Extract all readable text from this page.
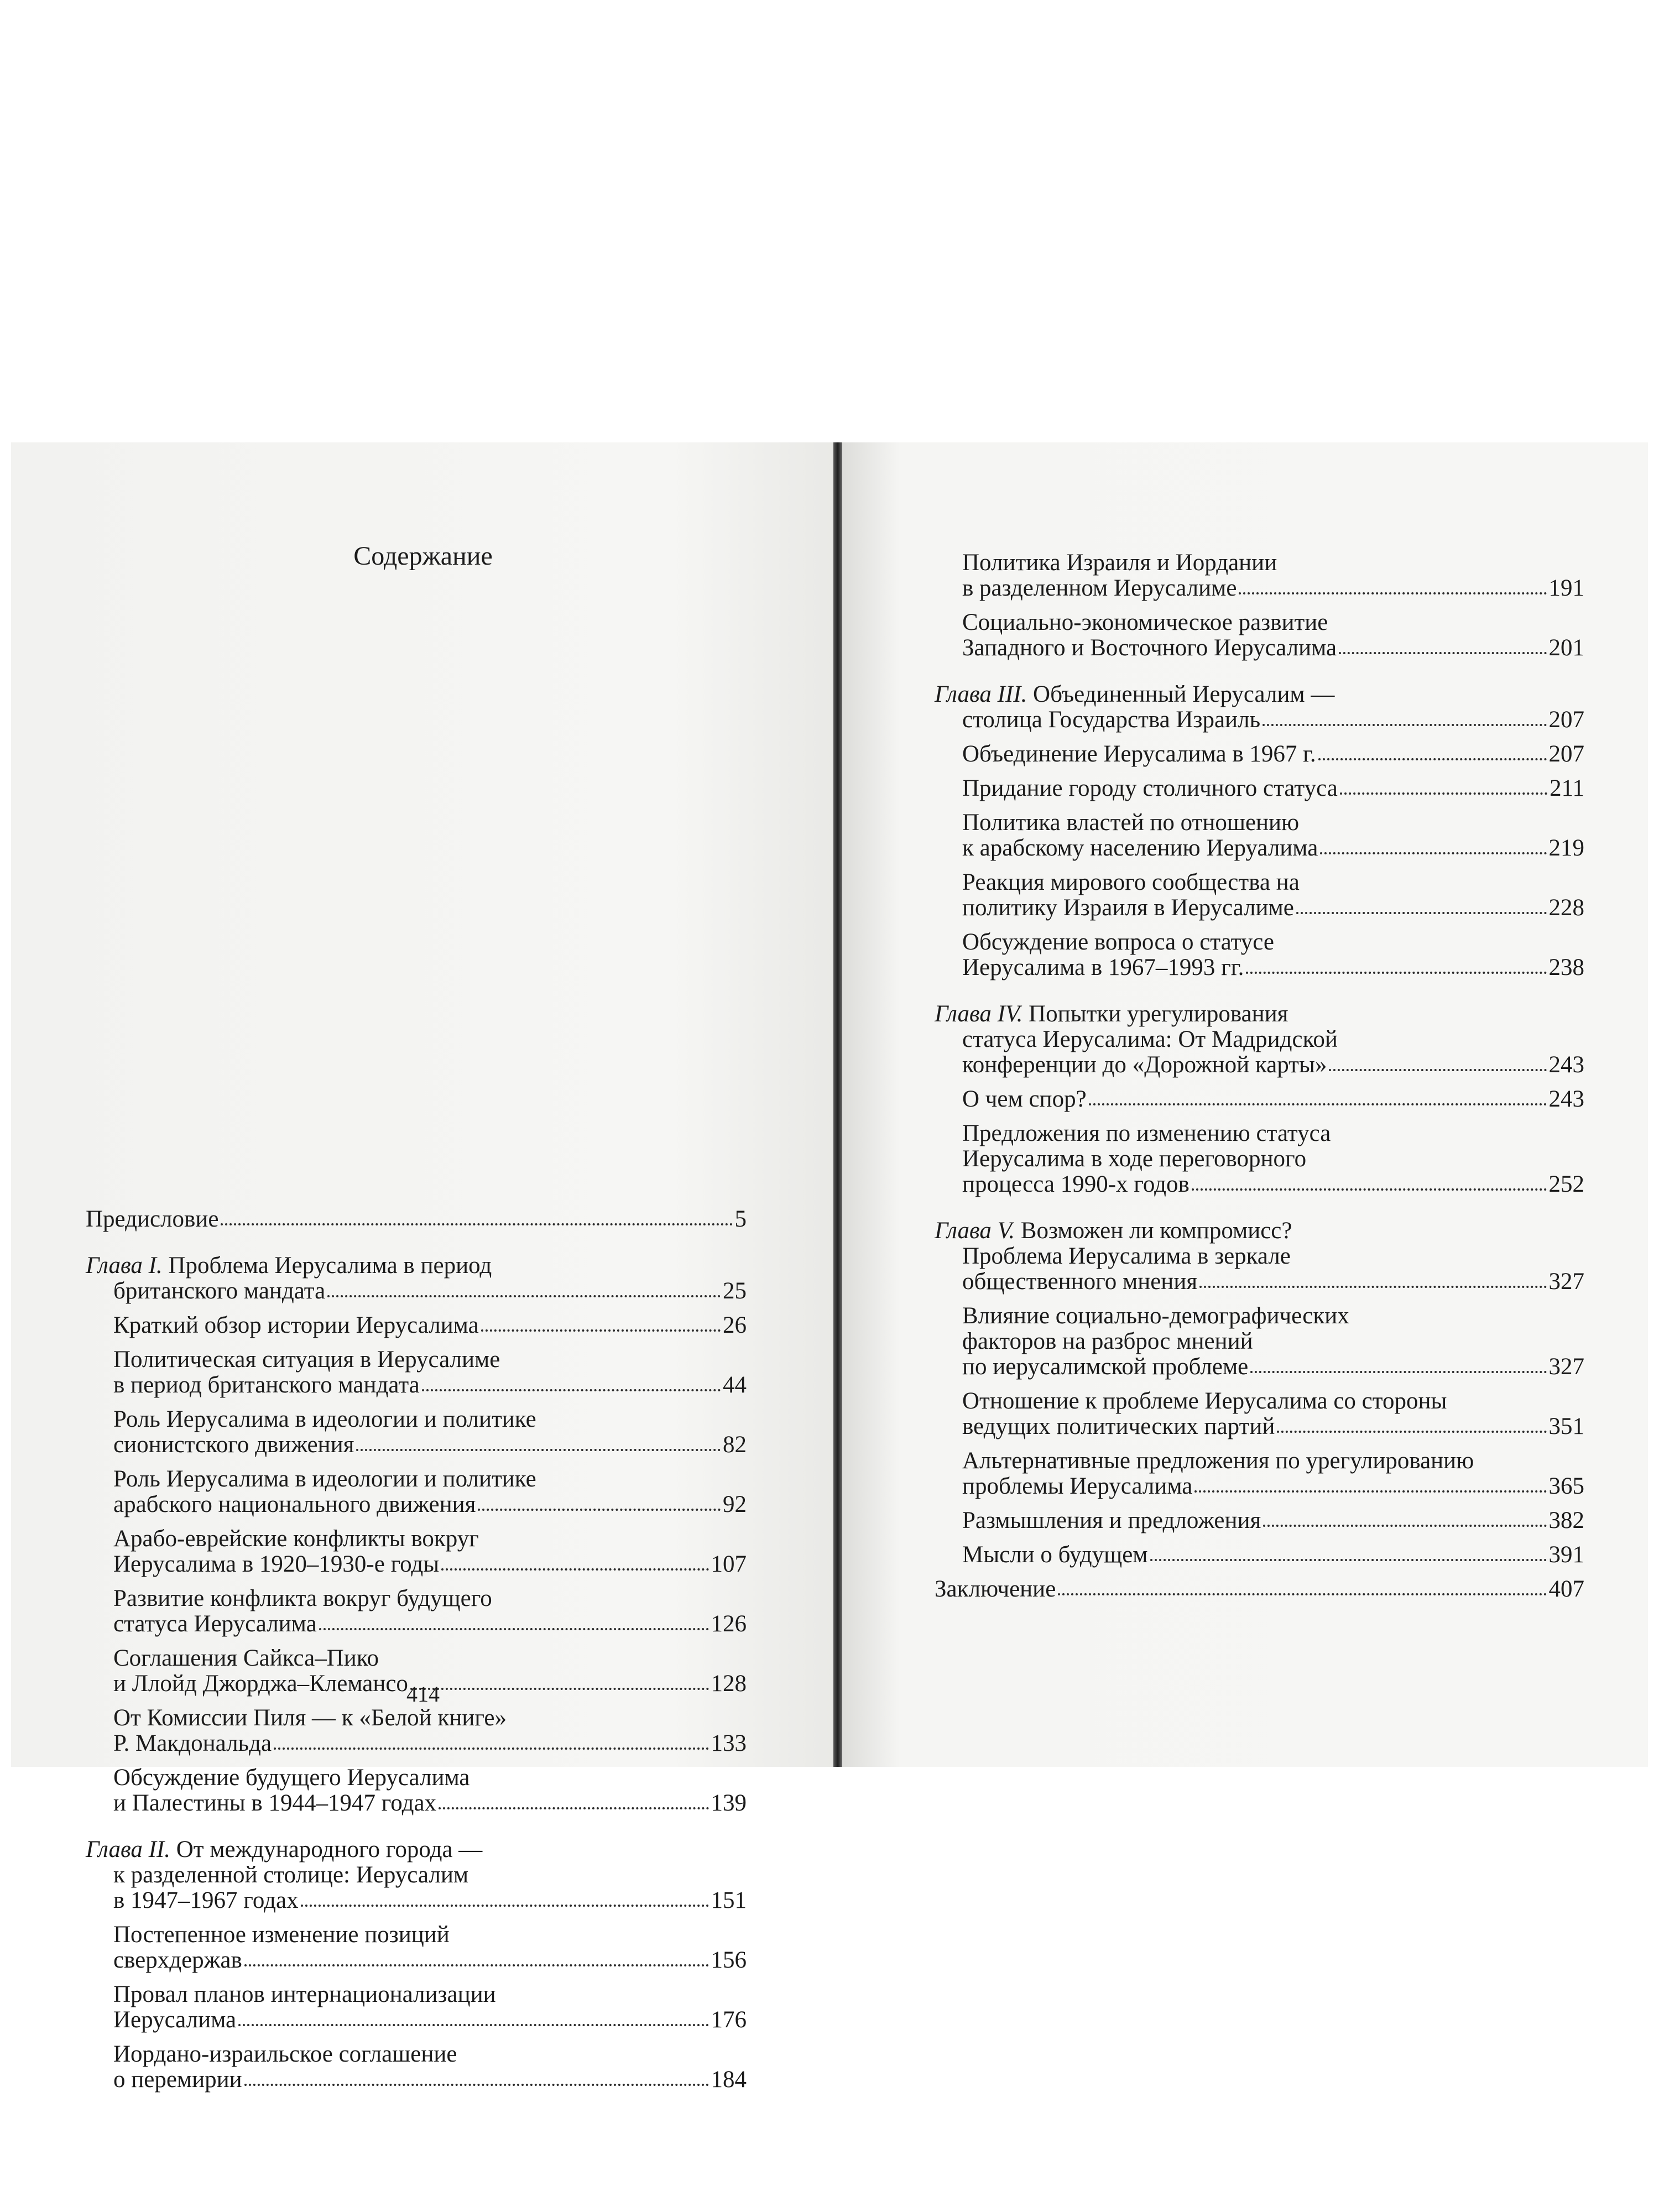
Содержание
Предисловие	5
Глава I. Проблема Иерусалима в период
британского мандата	25
Краткий обзор истории Иерусалима	26
Политическая ситуация в Иерусалиме
в период британского мандата	44
Роль Иерусалима в идеологии и политике
сионистского движения	82
Роль Иерусалима в идеологии и политике
арабского национального движения	92
Арабо-еврейские конфликты вокруг
Иерусалима в 1920–1930-е годы	107
Развитие конфликта вокруг будущего
статуса Иерусалима	126
Соглашения Сайкса–Пико
и Ллойд Джорджа–Клемансо	128
От Комиссии Пиля — к «Белой книге»
Р. Макдональда	133
Обсуждение будущего Иерусалима
и Палестины в 1944–1947 годах	139
Глава II. От международного города —
к разделенной столице: Иерусалим
в 1947–1967 годах	151
Постепенное изменение позиций
сверхдержав	156
Провал планов интернационализации
Иерусалима	176
Иордано-израильское соглашение
о перемирии	184

414

Политика Израиля и Иордании
в разделенном Иерусалиме	191
Социально-экономическое развитие
Западного и Восточного Иерусалима	201
Глава III. Объединенный Иерусалим —
столица Государства Израиль	207
Объединение Иерусалима в 1967 г.	207
Придание городу столичного статуса	211
Политика властей по отношению
к арабскому населению Иеруалима	219
Реакция мирового сообщества на
политику Израиля в Иерусалиме	228
Обсуждение вопроса о статусе
Иерусалима в 1967–1993 гг.	238
Глава IV. Попытки урегулирования
статуса Иерусалима: От Мадридской
конференции до «Дорожной карты»	243
О чем спор?	243
Предложения по изменению статуса
Иерусалима в ходе переговорного
процесса 1990-х годов	252
Глава V. Возможен ли компромисс?
Проблема Иерусалима в зеркале
общественного мнения	327
Влияние социально-демографических
факторов на разброс мнений
по иерусалимской проблеме	327
Отношение к проблеме Иерусалима со стороны
ведущих политических партий	351
Альтернативные предложения по урегулированию
проблемы Иерусалима	365
Размышления и предложения	382
Мысли о будущем	391
Заключение	407
